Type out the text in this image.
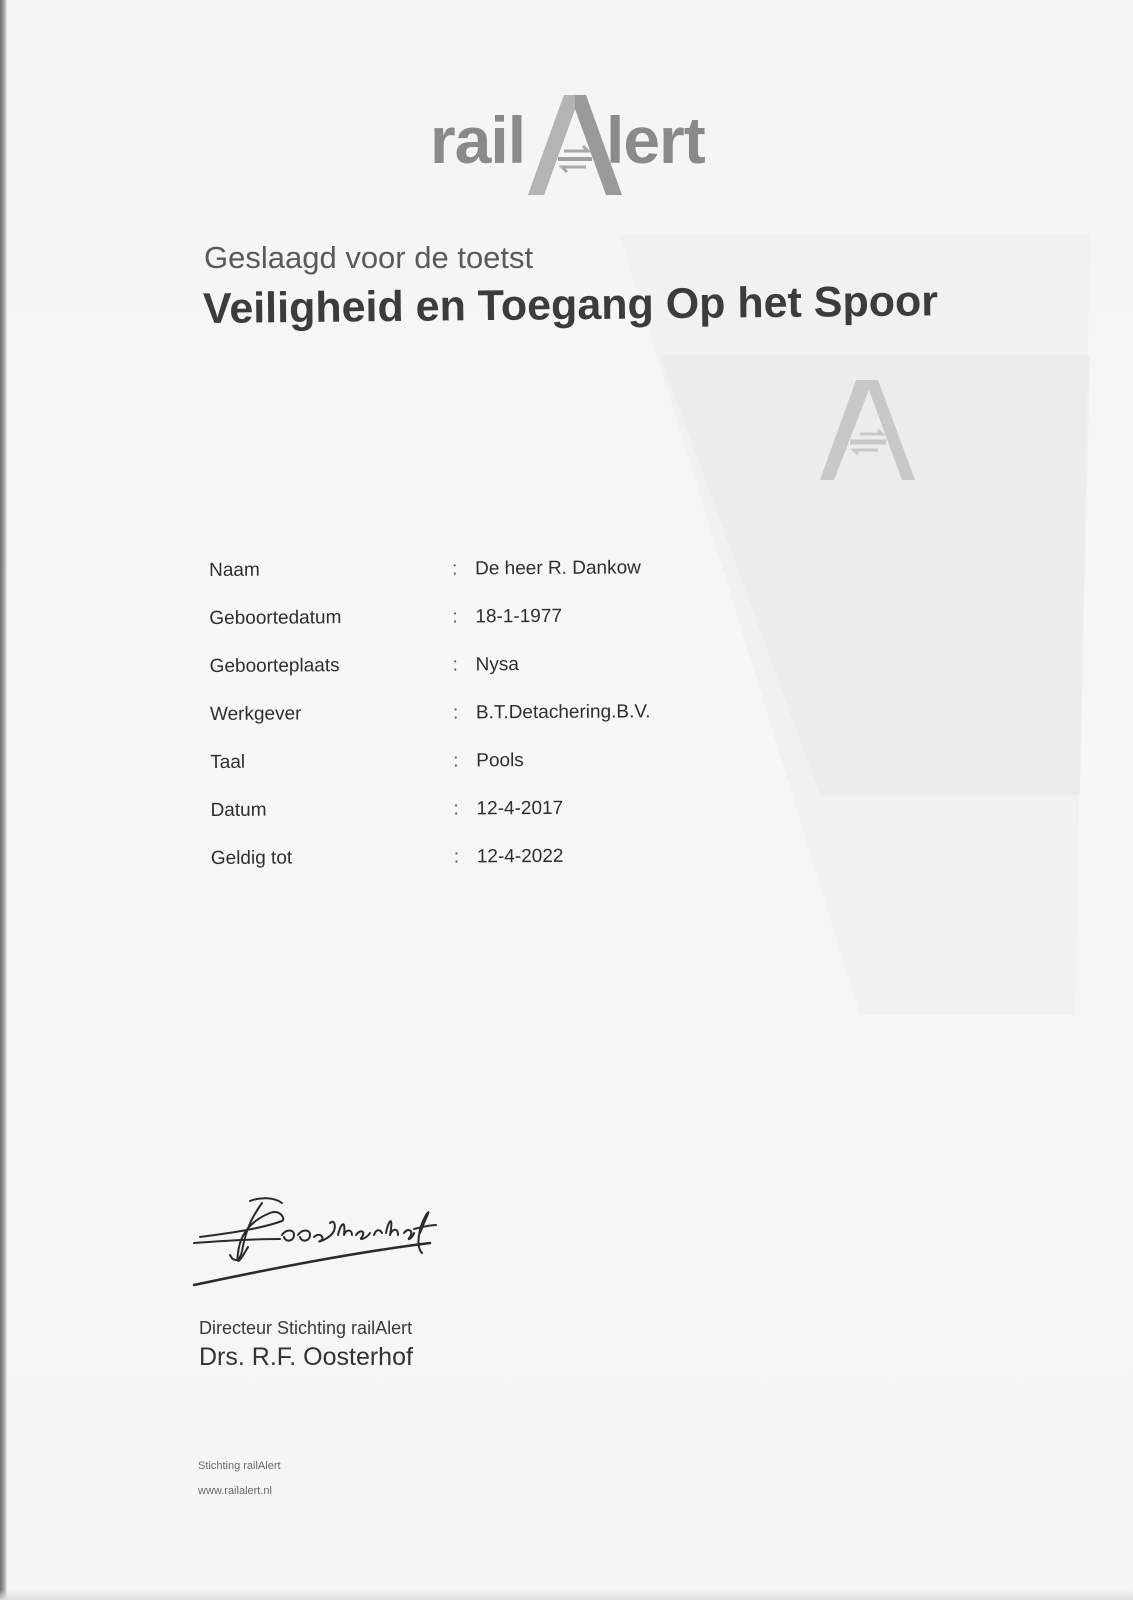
rail lert
Geslaagd voor de toetst
Veiligheid en Toegang Op het Spoor
Naam	: De heer R. Dankow
Geboortedatum	: 18-1-1977
Geboorteplaats	: Nysa
Werkgever	: B.T.Detachering.B.V.
Taal	: Pools
Datum	: 12-4-2017
Geldig tot	: 12-4-2022
Directeur Stichting railAlert
Drs. R.F. Oosterhof
Stichting railAlert
www.railalert.nl
